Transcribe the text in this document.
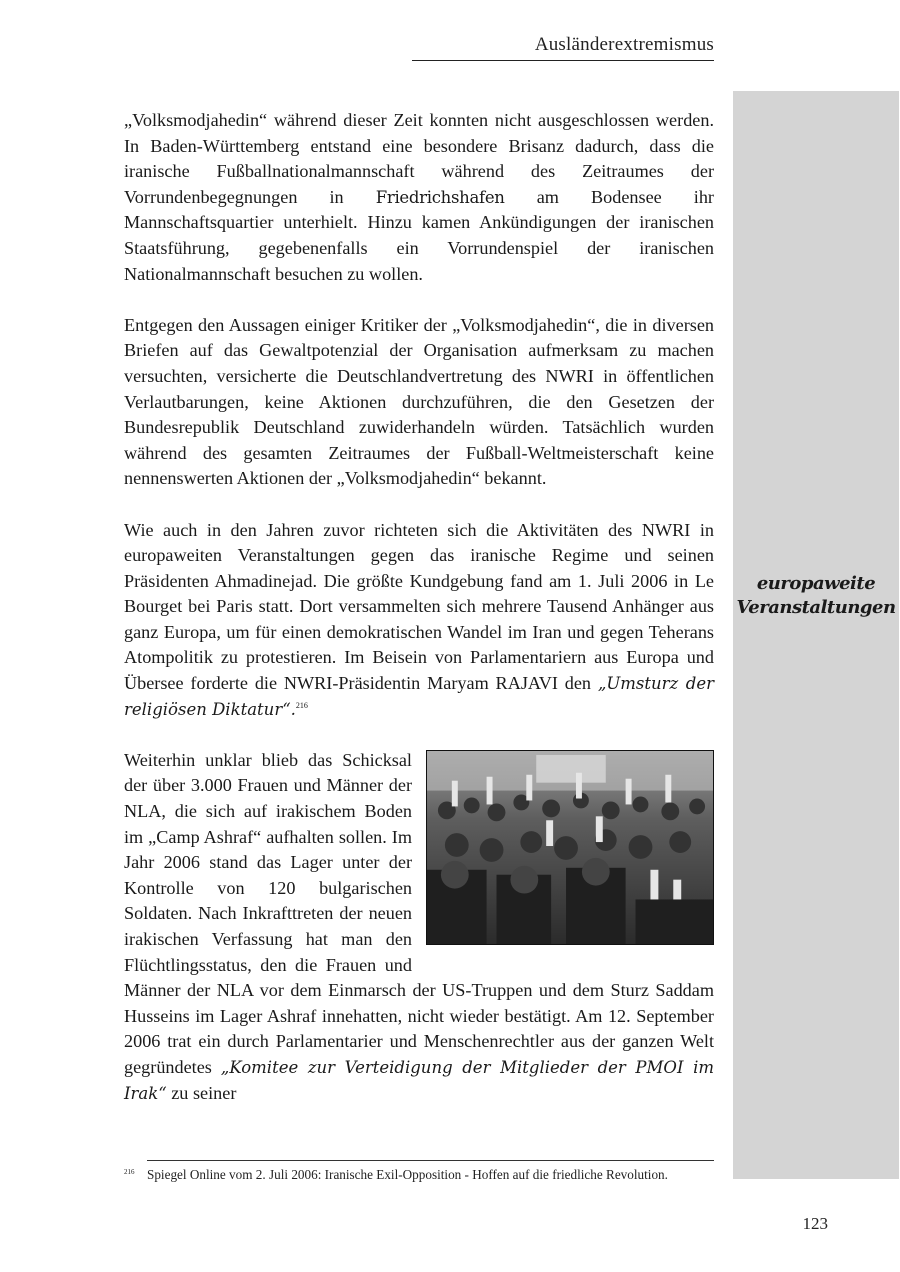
Ausländerextremismus
europaweite
Veranstaltungen

„Volksmodjahedin“ während dieser Zeit konnten nicht ausgeschlossen werden. In Baden-Württemberg entstand eine besondere Brisanz dadurch, dass die iranische Fußballnationalmannschaft während des Zeitraumes der Vorrundenbegegnungen in Friedrichshafen am Bodensee ihr Mannschaftsquartier unterhielt. Hinzu kamen Ankündigungen der iranischen Staatsführung, gegebenenfalls ein Vorrundenspiel der iranischen Nationalmannschaft besuchen zu wollen.

Entgegen den Aussagen einiger Kritiker der „Volksmodjahedin“, die in diversen Briefen auf das Gewaltpotenzial der Organisation aufmerksam zu machen versuchten, versicherte die Deutschlandvertretung des NWRI in öffentlichen Verlautbarungen, keine Aktionen durchzuführen, die den Gesetzen der Bundesrepublik Deutschland zuwiderhandeln würden. Tatsächlich wurden während des gesamten Zeitraumes der Fußball-Weltmeisterschaft keine nennenswerten Aktionen der „Volksmodjahedin“ bekannt.

Wie auch in den Jahren zuvor richteten sich die Aktivitäten des NWRI in europaweiten Veranstaltungen gegen das iranische Regime und seinen Präsidenten Ahmadinejad. Die größte Kundgebung fand am 1. Juli 2006 in Le Bourget bei Paris statt. Dort versammelten sich mehrere Tausend Anhänger aus ganz Europa, um für einen demokratischen Wandel im Iran und gegen Teherans Atompolitik zu protestieren. Im Beisein von Parlamentariern aus Europa und Übersee forderte die NWRI-Präsidentin Maryam RAJAVI den „Umsturz der religiösen Diktatur“.$^{216}$

Weiterhin unklar blieb das Schicksal der über 3.000 Frauen und Männer der NLA, die sich auf irakischem Boden im „Camp Ashraf“ aufhalten sollen. Im Jahr 2006 stand das Lager unter der Kontrolle von 120 bulgarischen Soldaten. Nach Inkrafttreten der neuen irakischen Verfassung hat man den Flüchtlingsstatus, den die Frauen und Männer der NLA vor dem Einmarsch der US-Truppen und dem Sturz Saddam Husseins im Lager Ashraf innehatten, nicht wieder bestätigt. Am 12. September 2006 trat ein durch Parlamentarier und Menschenrechtler aus der ganzen Welt gegründetes „Komitee zur Verteidigung der Mitglieder der PMOI im Irak“ zu seiner

216 Spiegel Online vom 2. Juli 2006: Iranische Exil-Opposition - Hoffen auf die friedliche Revolution.
123
